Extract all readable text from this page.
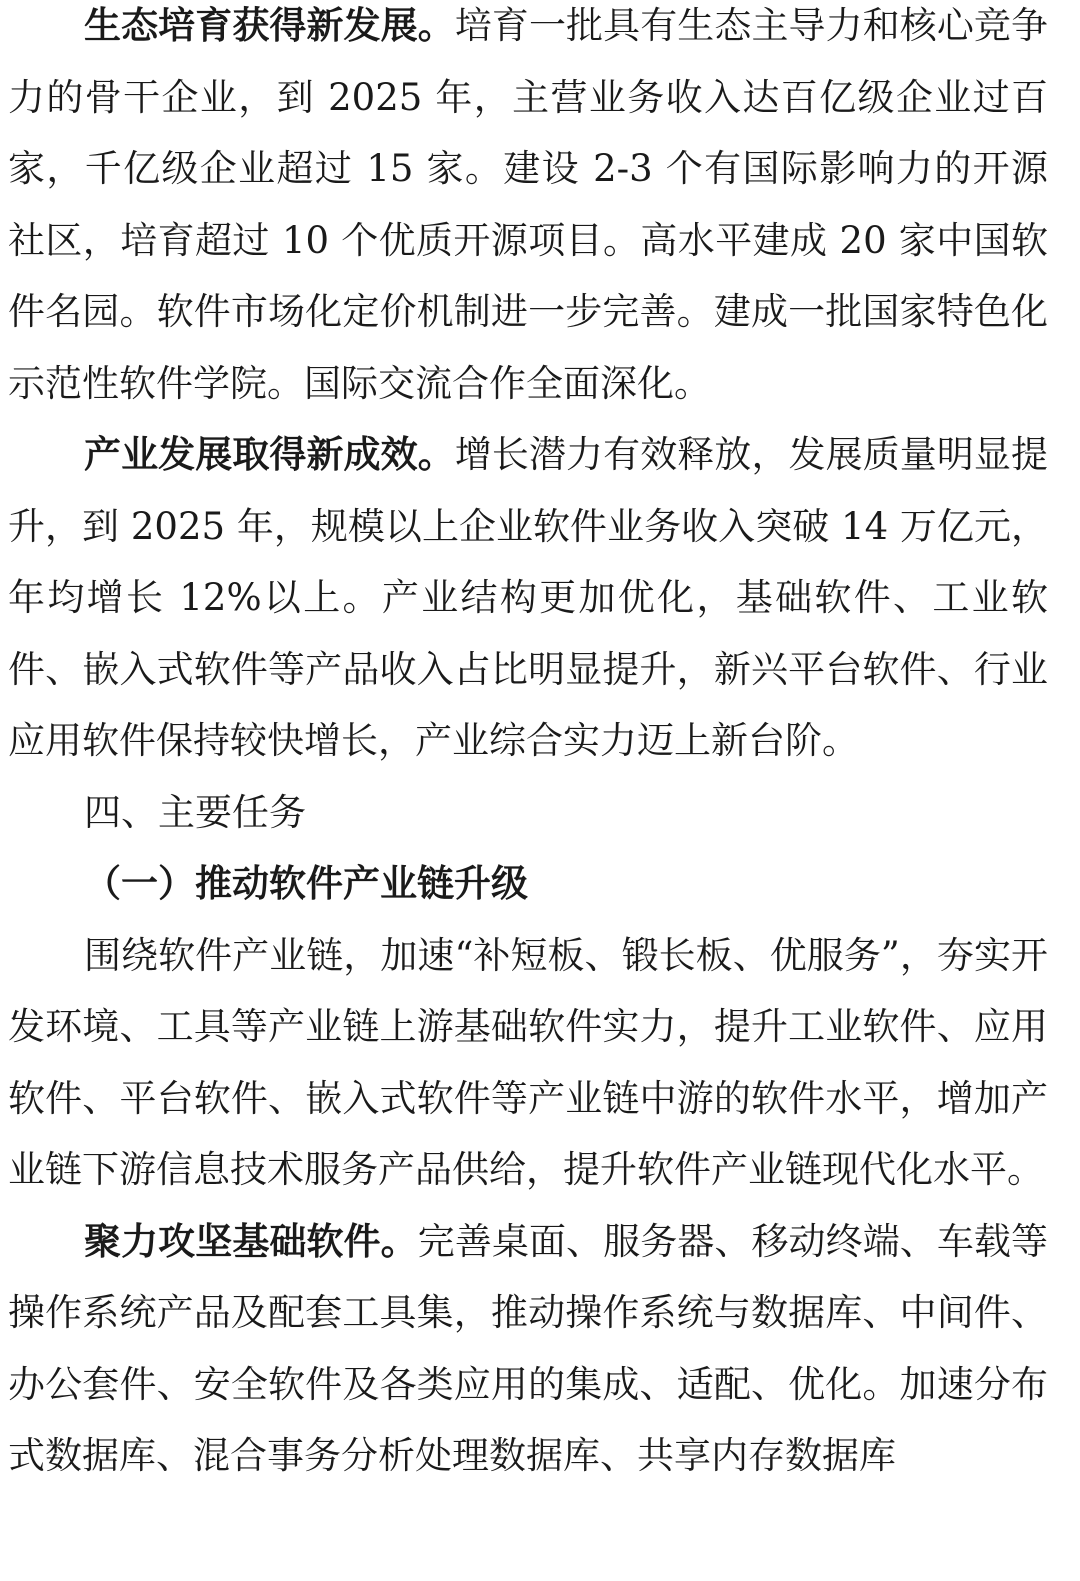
生态培育获得新发展。培育一批具有生态主导力和核心竞争力的骨干企业，到 2025 年，主营业务收入达百亿级企业过百家，千亿级企业超过 15 家。建设 2-3 个有国际影响力的开源社区，培育超过 10 个优质开源项目。高水平建成 20 家中国软件名园。软件市场化定价机制进一步完善。建成一批国家特色化示范性软件学院。国际交流合作全面深化。

产业发展取得新成效。增长潜力有效释放，发展质量明显提升，到 2025 年，规模以上企业软件业务收入突破 14 万亿元，年均增长 12%以上。产业结构更加优化，基础软件、工业软件、嵌入式软件等产品收入占比明显提升，新兴平台软件、行业应用软件保持较快增长，产业综合实力迈上新台阶。

四、主要任务

（一）推动软件产业链升级

围绕软件产业链，加速“补短板、锻长板、优服务”，夯实开发环境、工具等产业链上游基础软件实力，提升工业软件、应用软件、平台软件、嵌入式软件等产业链中游的软件水平，增加产业链下游信息技术服务产品供给，提升软件产业链现代化水平。

聚力攻坚基础软件。完善桌面、服务器、移动终端、车载等操作系统产品及配套工具集，推动操作系统与数据库、中间件、办公套件、安全软件及各类应用的集成、适配、优化。加速分布式数据库、混合事务分析处理数据库、共享内存数据库
